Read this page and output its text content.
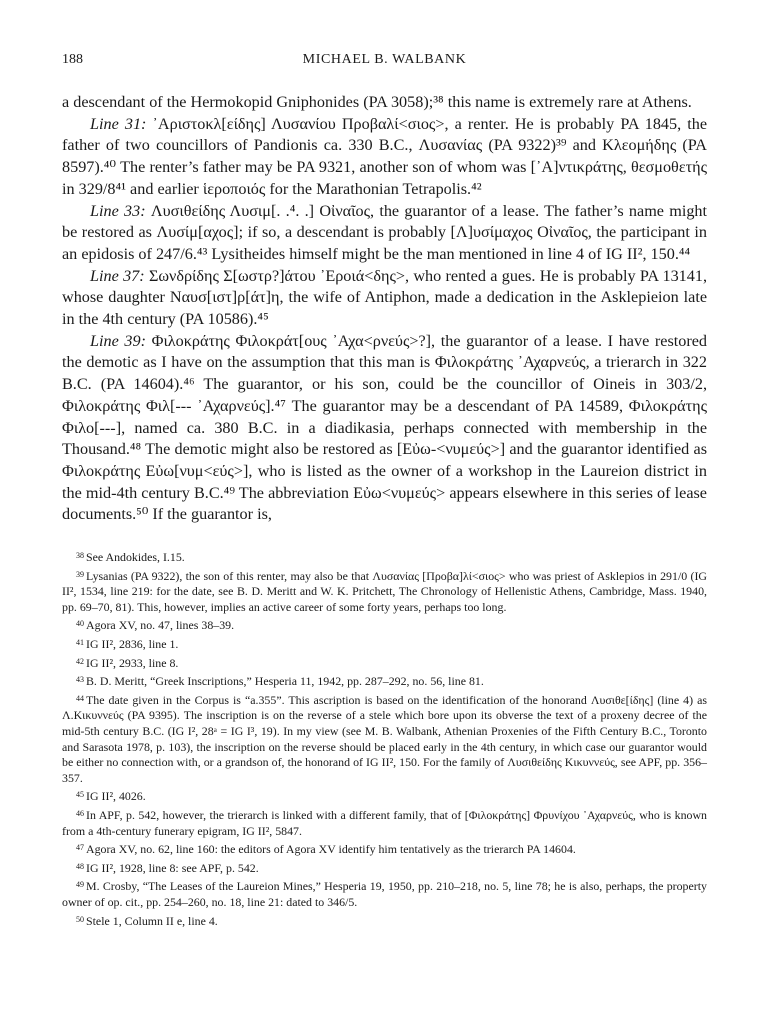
188	MICHAEL B. WALBANK

a descendant of the Hermokopid Gniphonides (PA 3058);³⁸ this name is extremely rare at Athens.

Line 31: ᾽Αριστοκλ[είδης] Λυσανίου Προβαλί<σιος>, a renter. He is probably PA 1845, the father of two councillors of Pandionis ca. 330 B.C., Λυσανίας (PA 9322)³⁹ and Κλεομήδης (PA 8597).⁴⁰ The renter’s father may be PA 9321, another son of whom was [᾽Α]ντικράτης, θεσμοθετής in 329/8⁴¹ and earlier ἱεροποιός for the Marathonian Tetrapolis.⁴²

Line 33: Λυσιθείδης Λυσιμ[. .⁴. .] Οἰναῖος, the guarantor of a lease. The father’s name might be restored as Λυσίμ[αχος]; if so, a descendant is probably [Λ]υσίμαχος Οἰναῖος, the participant in an epidosis of 247/6.⁴³ Lysitheides himself might be the man mentioned in line 4 of IG II², 150.⁴⁴

Line 37: Σωνδρίδης Σ[ωστρ?]άτου ᾽Εροιά<δης>, who rented a gues. He is probably PA 13141, whose daughter Ναυσ[ιστ]ρ[άτ]η, the wife of Antiphon, made a dedication in the Asklepieion late in the 4th century (PA 10586).⁴⁵

Line 39: Φιλοκράτης Φιλοκράτ[ους ᾽Αχα<ρνεύς>?], the guarantor of a lease. I have restored the demotic as I have on the assumption that this man is Φιλοκράτης ᾽Αχαρνεύς, a trierarch in 322 B.C. (PA 14604).⁴⁶ The guarantor, or his son, could be the councillor of Oineis in 303/2, Φιλοκράτης Φιλ[--- ᾽Αχαρνεύς].⁴⁷ The guarantor may be a descendant of PA 14589, Φιλοκράτης Φιλο[---], named ca. 380 B.C. in a diadikasia, perhaps connected with membership in the Thousand.⁴⁸ The demotic might also be restored as [Εὐω-<νυμεύς>] and the guarantor identified as Φιλοκράτης Εὐω[νυμ<εύς>], who is listed as the owner of a workshop in the Laureion district in the mid-4th century B.C.⁴⁹ The abbreviation Εὐω<νυμεύς> appears elsewhere in this series of lease documents.⁵⁰ If the guarantor is,

$^{38}$ See Andokides, I.15.

$^{39}$ Lysanias (PA 9322), the son of this renter, may also be that Λυσανίας [Προβα]λί<σιος> who was priest of Asklepios in 291/0 (IG II², 1534, line 219: for the date, see B. D. Meritt and W. K. Pritchett, The Chronology of Hellenistic Athens, Cambridge, Mass. 1940, pp. 69–70, 81). This, however, implies an active career of some forty years, perhaps too long.

$^{40}$ Agora XV, no. 47, lines 38–39.

$^{41}$ IG II², 2836, line 1.

$^{42}$ IG II², 2933, line 8.

$^{43}$ B. D. Meritt, “Greek Inscriptions,” Hesperia 11, 1942, pp. 287–292, no. 56, line 81.

$^{44}$ The date given in the Corpus is “a.355”. This ascription is based on the identification of the honorand Λυσιθε[ίδης] (line 4) as Λ.Κικυννεύς (PA 9395). The inscription is on the reverse of a stele which bore upon its obverse the text of a proxeny decree of the mid-5th century B.C. (IG I², 28ᵃ = IG I³, 19). In my view (see M. B. Walbank, Athenian Proxenies of the Fifth Century B.C., Toronto and Sarasota 1978, p. 103), the inscription on the reverse should be placed early in the 4th century, in which case our guarantor would be either no connection with, or a grandson of, the honorand of IG II², 150. For the family of Λυσιθείδης Κικυννεύς, see APF, pp. 356–357.

$^{45}$ IG II², 4026.

$^{46}$ In APF, p. 542, however, the trierarch is linked with a different family, that of [Φιλοκράτης] Φρυνίχου ᾽Αχαρνεύς, who is known from a 4th-century funerary epigram, IG II², 5847.

$^{47}$ Agora XV, no. 62, line 160: the editors of Agora XV identify him tentatively as the trierarch PA 14604.

$^{48}$ IG II², 1928, line 8: see APF, p. 542.

$^{49}$ M. Crosby, “The Leases of the Laureion Mines,” Hesperia 19, 1950, pp. 210–218, no. 5, line 78; he is also, perhaps, the property owner of op. cit., pp. 254–260, no. 18, line 21: dated to 346/5.

$^{50}$ Stele 1, Column II e, line 4.
